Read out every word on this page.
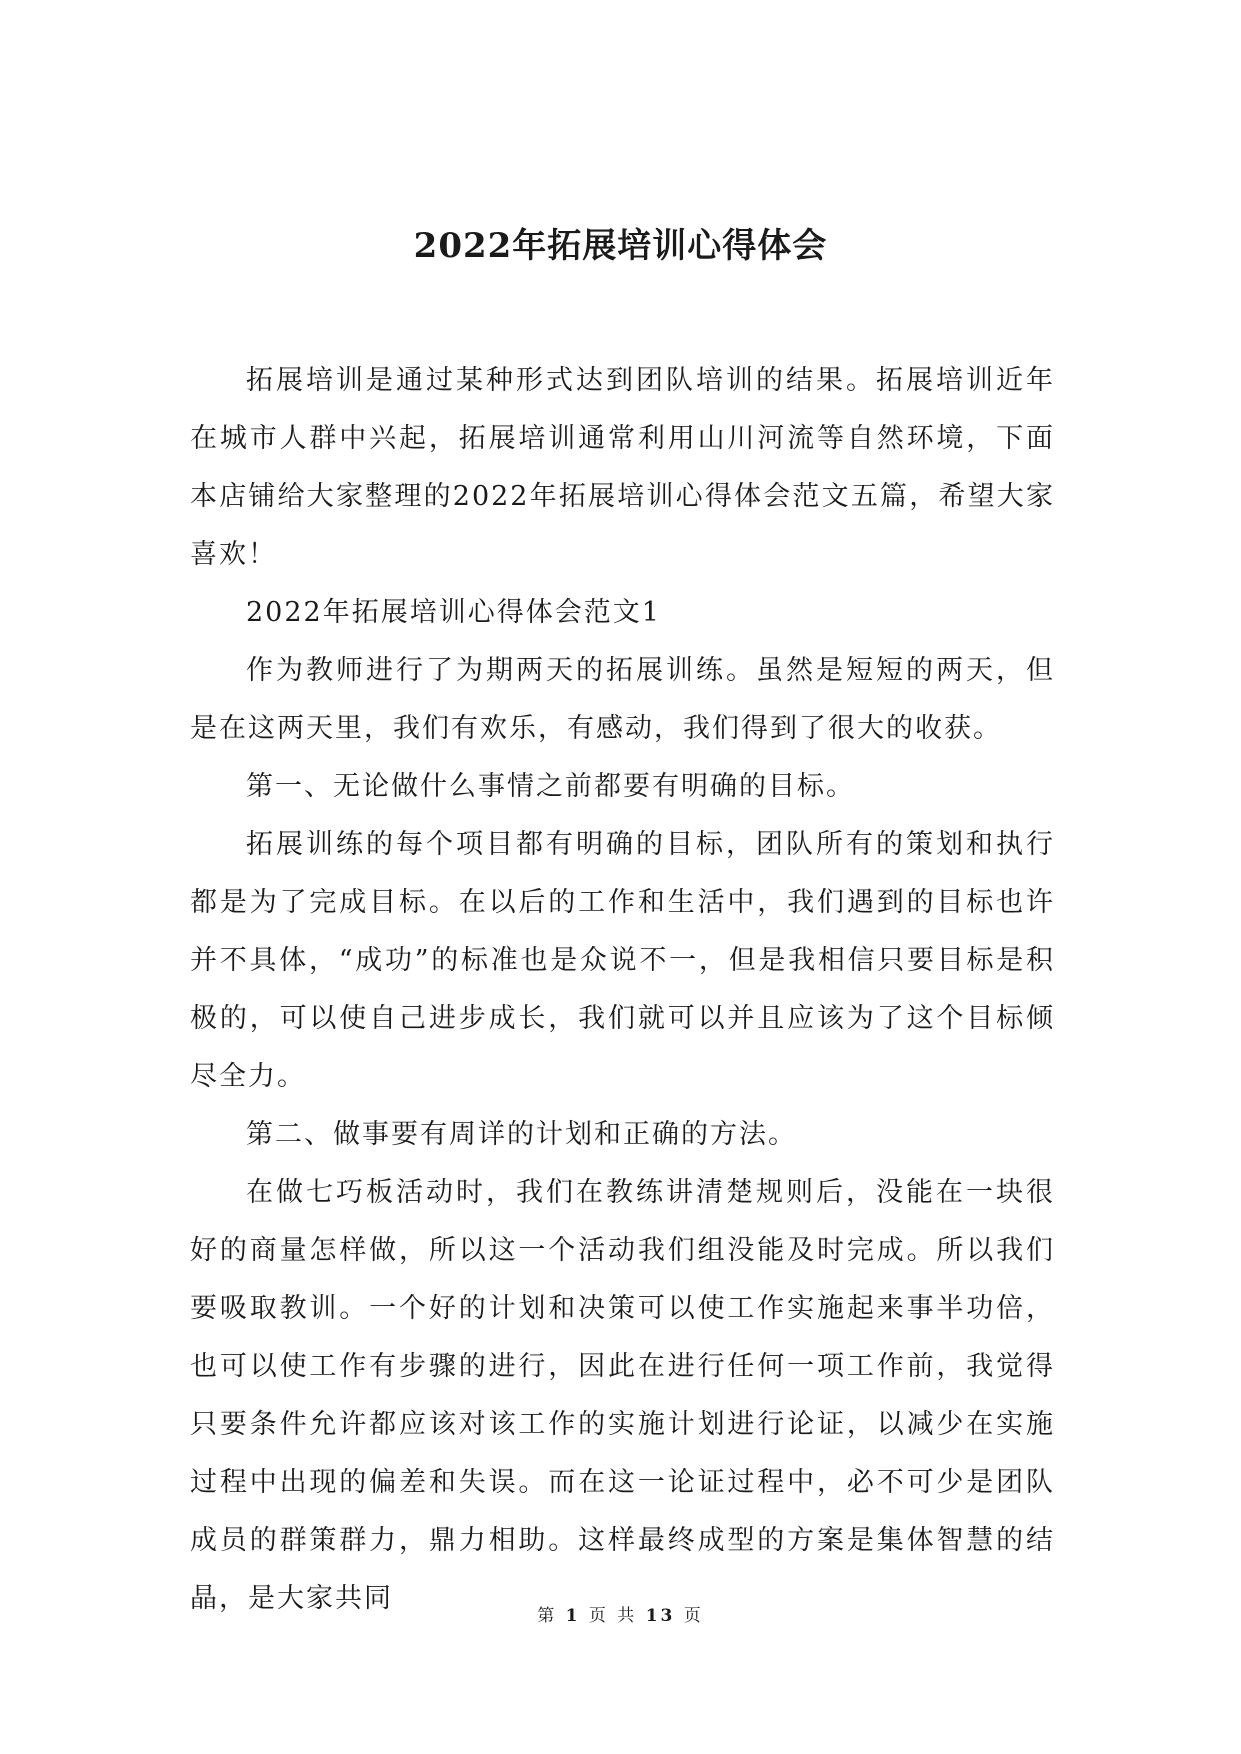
2022年拓展培训心得体会

拓展培训是通过某种形式达到团队培训的结果。拓展培训近年在城市人群中兴起，拓展培训通常利用山川河流等自然环境，下面本店铺给大家整理的2022年拓展培训心得体会范文五篇，希望大家喜欢！

2022年拓展培训心得体会范文1

作为教师进行了为期两天的拓展训练。虽然是短短的两天，但是在这两天里，我们有欢乐，有感动，我们得到了很大的收获。

第一、无论做什么事情之前都要有明确的目标。

拓展训练的每个项目都有明确的目标，团队所有的策划和执行都是为了完成目标。在以后的工作和生活中，我们遇到的目标也许并不具体，“成功”的标准也是众说不一，但是我相信只要目标是积极的，可以使自己进步成长，我们就可以并且应该为了这个目标倾尽全力。

第二、做事要有周详的计划和正确的方法。

在做七巧板活动时，我们在教练讲清楚规则后，没能在一块很好的商量怎样做，所以这一个活动我们组没能及时完成。所以我们要吸取教训。一个好的计划和决策可以使工作实施起来事半功倍，也可以使工作有步骤的进行，因此在进行任何一项工作前，我觉得只要条件允许都应该对该工作的实施计划进行论证，以减少在实施过程中出现的偏差和失误。而在这一论证过程中，必不可少是团队成员的群策群力，鼎力相助。这样最终成型的方案是集体智慧的结晶，是大家共同

第 1 页 共 13 页
